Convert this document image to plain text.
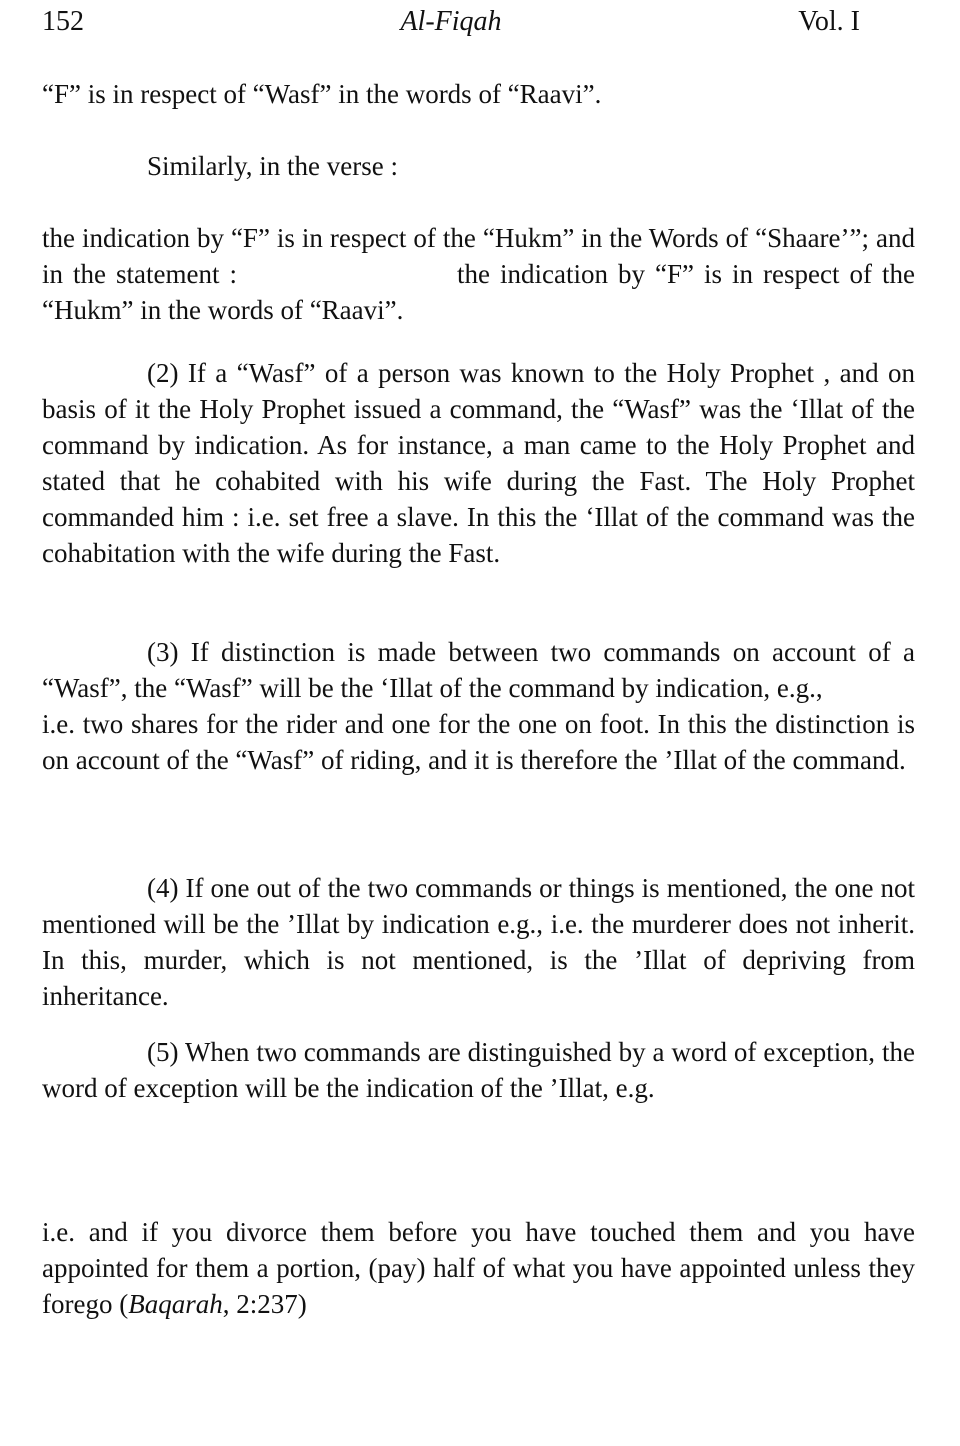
152	Al-Fiqah	Vol. I

“F” is in respect of “Wasf” in the words of “Raavi”.

Similarly, in the verse :

the indication by “F” is in respect of the “Hukm” in the Words of “Shaare’”; and in the statement :	the indication by “F” is in respect of the “Hukm” in the words of “Raavi”.

(2) If a “Wasf” of a person was known to the Holy Prophet , and on basis of it the Holy Prophet issued a command, the “Wasf” was the ‘Illat of the command by indication. As for instance, a man came to the Holy Prophet and stated that he cohabited with his wife during the Fast. The Holy Prophet commanded him : i.e. set free a slave. In this the ‘Illat of the command was the cohabitation with the wife during the Fast.

(3) If distinction is made between two commands on account of a “Wasf”, the “Wasf” will be the ‘Illat of the command by indication, e.g.,

i.e. two shares for the rider and one for the one on foot. In this the distinction is on account of the “Wasf” of riding, and it is therefore the ’Illat of the command.

(4) If one out of the two commands or things is mentioned, the one not mentioned will be the ’Illat by indication e.g., i.e. the murderer does not inherit. In this, murder, which is not mentioned, is the ’Illat of depriving from inheritance.

(5) When two commands are distinguished by a word of exception, the word of exception will be the indication of the ’Illat, e.g.

i.e. and if you divorce them before you have touched them and you have appointed for them a portion, (pay) half of what you have appointed unless they forego (Baqarah, 2:237)
